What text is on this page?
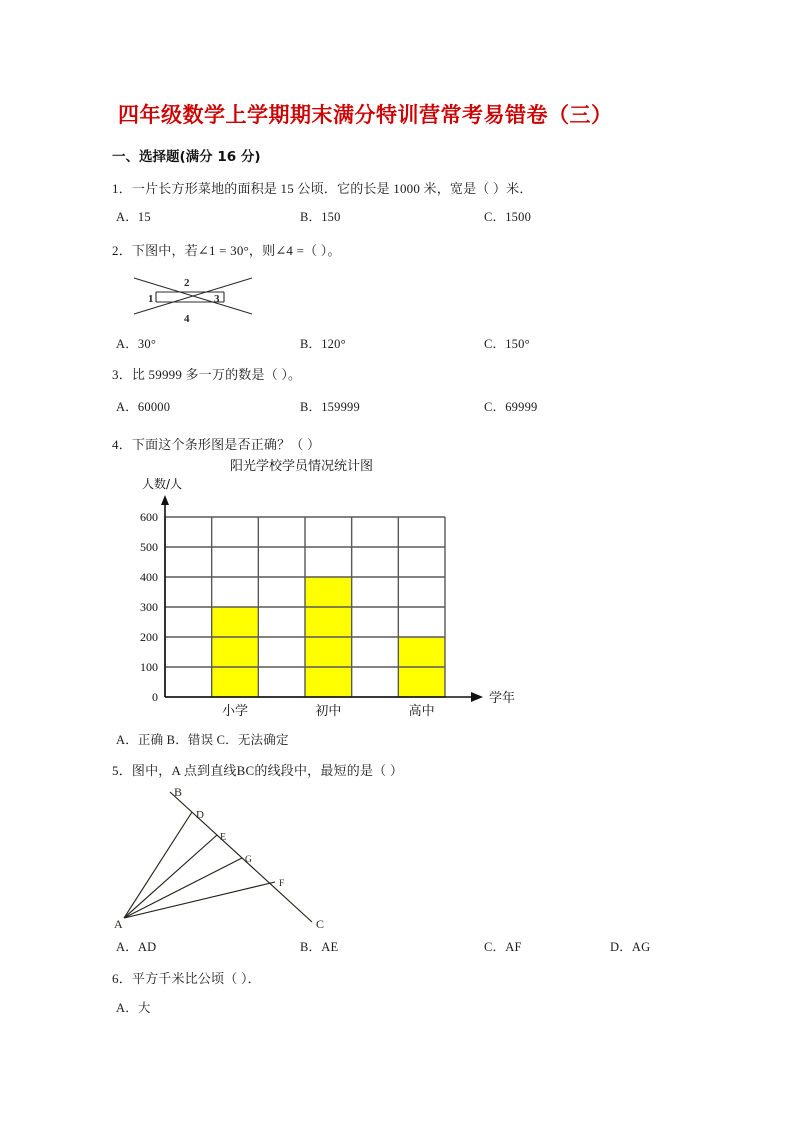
四年级数学上学期期末满分特训营常考易错卷（三）
一、选择题(满分 16 分)
1．一片长方形菜地的面积是 15 公顷．它的长是 1000 米，宽是（ ）米．
A．15	B．150	C．1500
2．下图中，若∠1 = 30°，则∠4 =（ ）。
2
4
1	3
A．30°	B．120°	C．150°
3．比 59999 多一万的数是（ ）。
A．60000	B．159999	C．69999
4．下面这个条形图是否正确？（ ）
阳光学校学员情况统计图
人数/人
0
100
200
300
400
500
600
小学	初中	高中
学年
A．正确 B．错误 C．无法确定
5．图中，A 点到直线BC的线段中，最短的是（ ）
B
D
E
G
F
C
A
A．AD	B．AE	C．AF	D．AG
6．平方千米比公顷（ ）．
A．大
